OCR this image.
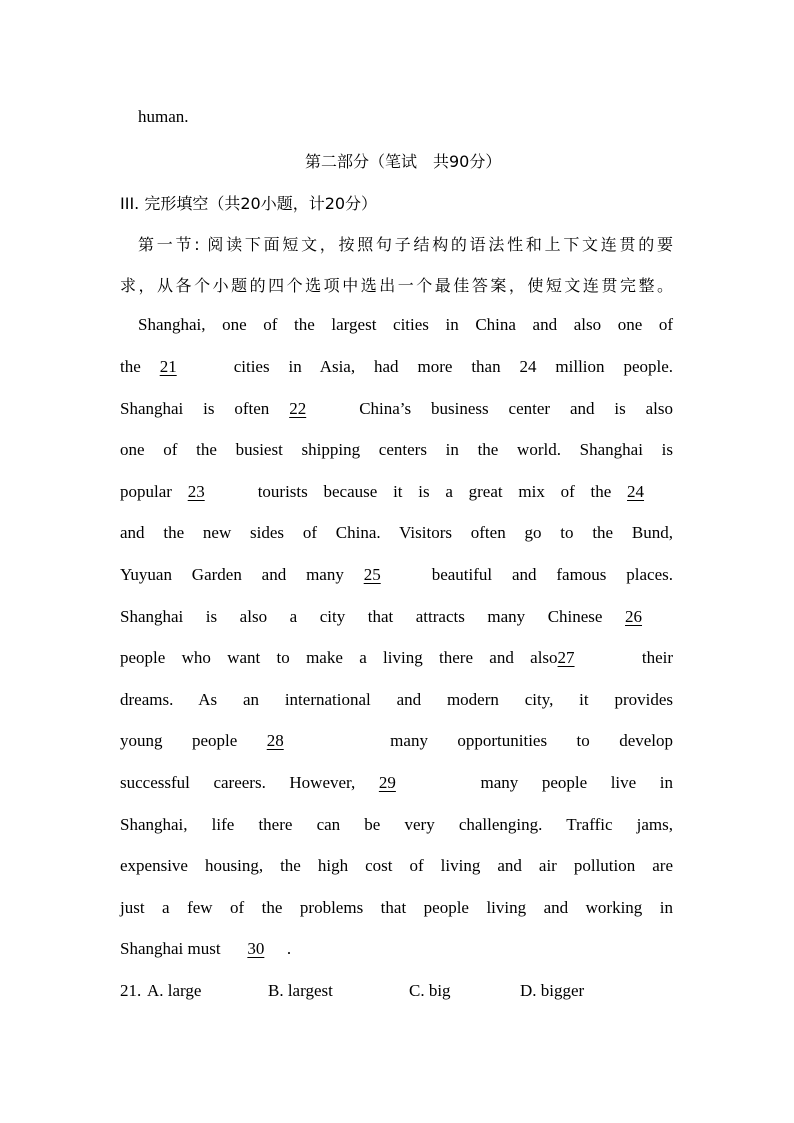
human.
第二部分（笔试　共90分）
III. 完形填空（共20小题，计20分）
第一节: 阅读下面短文，按照句子结构的语法性和上下文连贯的要
求，从各个小题的四个选项中选出一个最佳答案，使短文连贯完整。
Shanghai, one of the largest cities in China and also one of
the 21	cities in Asia, had more than 24 million people.
Shanghai is often 22	China’s business center and is also
one of the busiest shipping centers in the world. Shanghai is
popular 23	tourists because it is a great mix of the 24
and the new sides of China. Visitors often go to the Bund,
Yuyuan Garden and many 25	beautiful and famous places.
Shanghai is also a city that attracts many Chinese 26
people who want to make a living there and also27	their
dreams. As an international and modern city, it provides
young people 28	many opportunities to develop
successful careers. However, 29	many people live in
Shanghai, life there can be very challenging. Traffic jams,
expensive housing, the high cost of living and air pollution are
just a few of the problems that people living and working in
Shanghai must 30 .
21. A. large	B. largest	C. big	D. bigger
